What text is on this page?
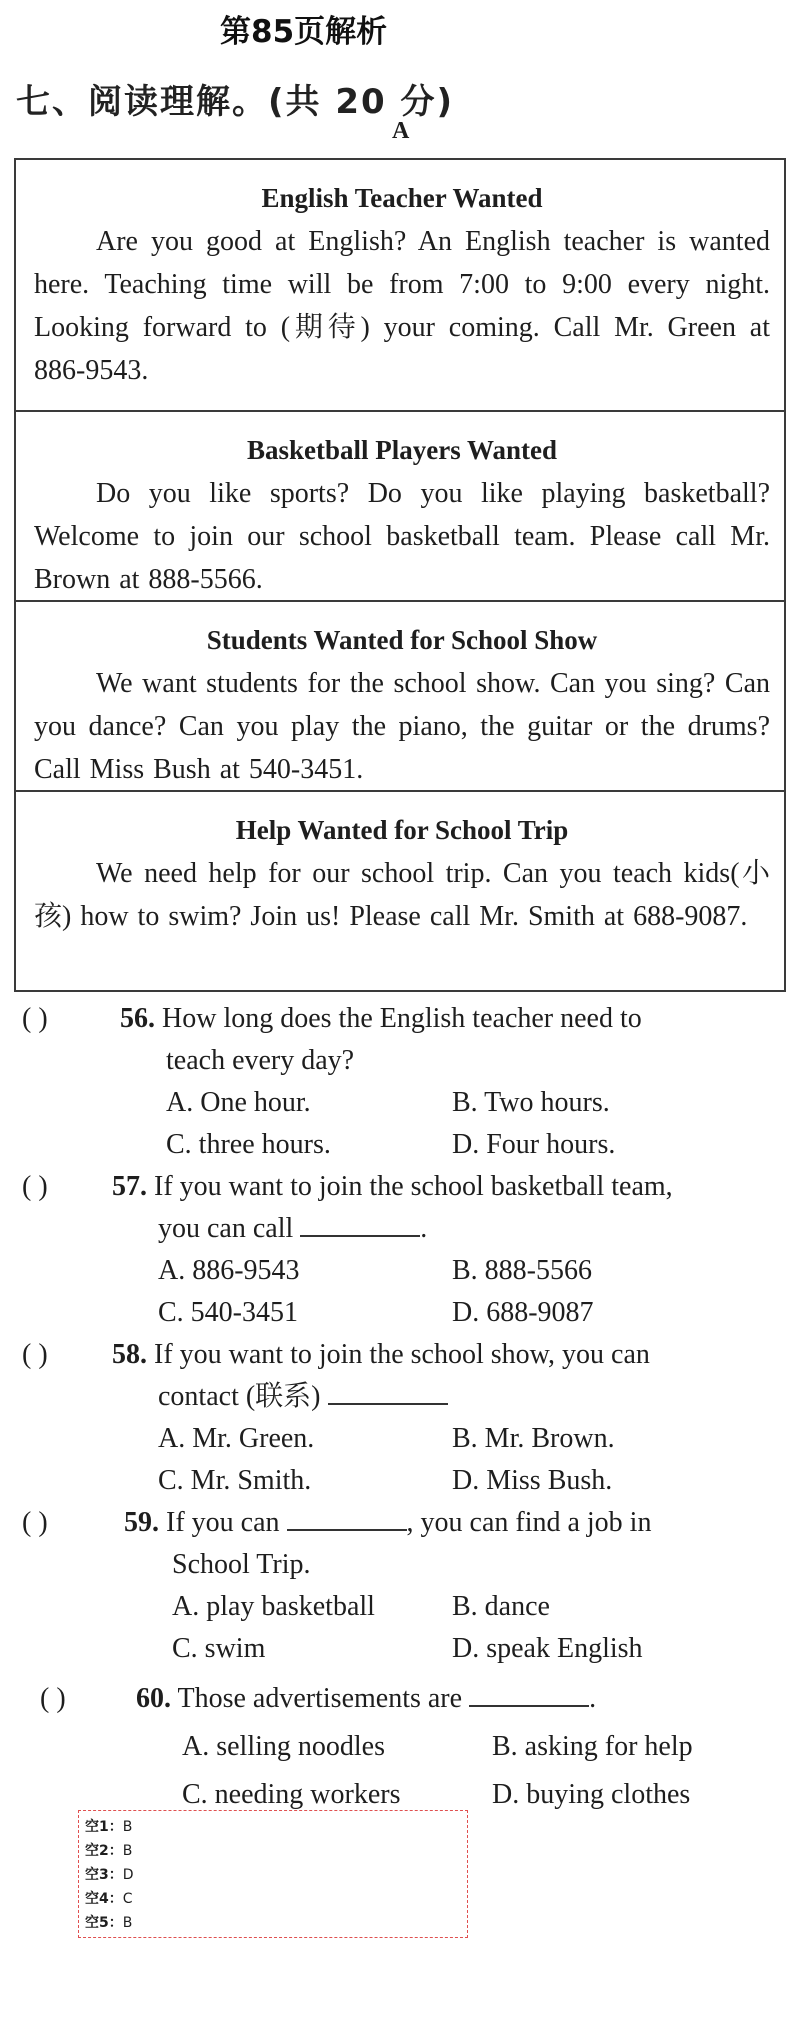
第85页解析
七、阅读理解。(共 20 分)
A
English Teacher Wanted
Are you good at English? An English teacher is wanted here. Teaching time will be from 7:00 to 9:00 every night. Looking forward to (期待) your coming. Call Mr. Green at 886-9543.
Basketball Players Wanted
Do you like sports? Do you like playing basketball? Welcome to join our school basketball team. Please call Mr. Brown at 888-5566.
Students Wanted for School Show
We want students for the school show. Can you sing? Can you dance? Can you play the piano, the guitar or the drums? Call Miss Bush at 540-3451.
Help Wanted for School Trip
We need help for our school trip. Can you teach kids(小孩) how to swim? Join us! Please call Mr. Smith at 688-9087.
( )	56. How long does the English teacher need to
teach every day?
A. One hour.	B. Two hours.
C. three hours.	D. Four hours.
( ) 57. If you want to join the school basketball team,
you can call	.
A. 886-9543	B. 888-5566
C. 540-3451	D. 688-9087
( ) 58. If you want to join the school show, you can
contact (联系)
A. Mr. Green.	B. Mr. Brown.
C. Mr. Smith.	D. Miss Bush.
( )	59. If you can	, you can find a job in
School Trip.
A. play basketball	B. dance
C. swim	D. speak English
( )	60. Those advertisements are	.
A. selling noodles	B. asking for help
C. needing workers	D. buying clothes
空1：B
空2：B
空3：D
空4：C
空5：B
